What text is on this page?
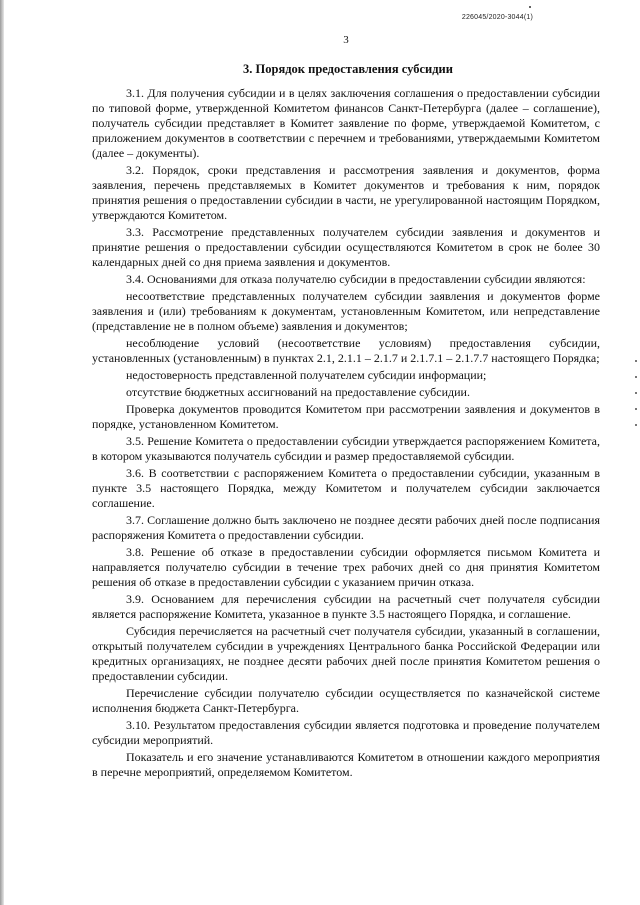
226045/2020-3044(1)
3
3. Порядок предоставления субсидии

3.1. Для получения субсидии и в целях заключения соглашения о предоставлении субсидии по типовой форме, утвержденной Комитетом финансов Санкт-Петербурга (далее – соглашение), получатель субсидии представляет в Комитет заявление по форме, утверждаемой Комитетом, с приложением документов в соответствии с перечнем и требованиями, утверждаемыми Комитетом (далее – документы).

3.2. Порядок, сроки представления и рассмотрения заявления и документов, форма заявления, перечень представляемых в Комитет документов и требования к ним, порядок принятия решения о предоставлении субсидии в части, не урегулированной настоящим Порядком, утверждаются Комитетом.

3.3. Рассмотрение представленных получателем субсидии заявления и документов и принятие решения о предоставлении субсидии осуществляются Комитетом в срок не более 30 календарных дней со дня приема заявления и документов.

3.4. Основаниями для отказа получателю субсидии в предоставлении субсидии являются:

несоответствие представленных получателем субсидии заявления и документов форме заявления и (или) требованиям к документам, установленным Комитетом, или непредставление (представление не в полном объеме) заявления и документов;

несоблюдение условий (несоответствие условиям) предоставления субсидии, установленных (установленным) в пунктах 2.1, 2.1.1 – 2.1.7 и 2.1.7.1 – 2.1.7.7 настоящего Порядка;

недостоверность представленной получателем субсидии информации;

отсутствие бюджетных ассигнований на предоставление субсидии.

Проверка документов проводится Комитетом при рассмотрении заявления и документов в порядке, установленном Комитетом.

3.5. Решение Комитета о предоставлении субсидии утверждается распоряжением Комитета, в котором указываются получатель субсидии и размер предоставляемой субсидии.

3.6. В соответствии с распоряжением Комитета о предоставлении субсидии, указанным в пункте 3.5 настоящего Порядка, между Комитетом и получателем субсидии заключается соглашение.

3.7. Соглашение должно быть заключено не позднее десяти рабочих дней после подписания распоряжения Комитета о предоставлении субсидии.

3.8. Решение об отказе в предоставлении субсидии оформляется письмом Комитета и направляется получателю субсидии в течение трех рабочих дней со дня принятия Комитетом решения об отказе в предоставлении субсидии с указанием причин отказа.

3.9. Основанием для перечисления субсидии на расчетный счет получателя субсидии является распоряжение Комитета, указанное в пункте 3.5 настоящего Порядка, и соглашение.

Субсидия перечисляется на расчетный счет получателя субсидии, указанный в соглашении, открытый получателем субсидии в учреждениях Центрального банка Российской Федерации или кредитных организациях, не позднее десяти рабочих дней после принятия Комитетом решения о предоставлении субсидии.

Перечисление субсидии получателю субсидии осуществляется по казначейской системе исполнения бюджета Санкт-Петербурга.

3.10. Результатом предоставления субсидии является подготовка и проведение получателем субсидии мероприятий.

Показатель и его значение устанавливаются Комитетом в отношении каждого мероприятия в перечне мероприятий, определяемом Комитетом.
